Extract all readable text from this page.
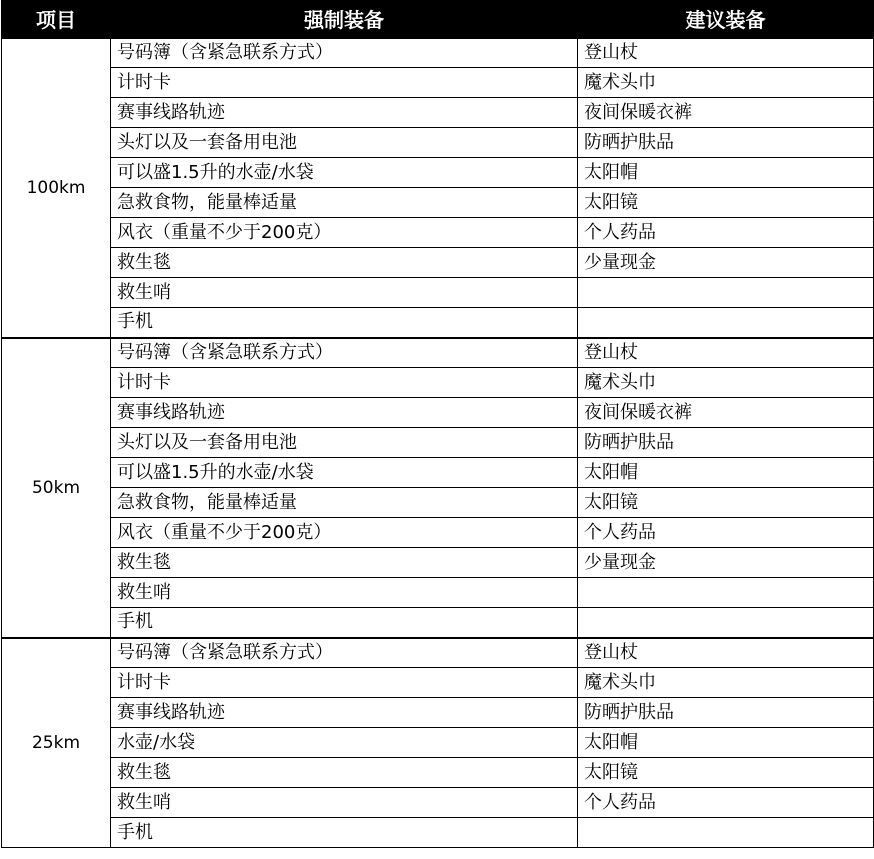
项目	强制装备	建议装备
100km	号码簿（含紧急联系方式）	登山杖
	计时卡	魔术头巾
	赛事线路轨迹	夜间保暖衣裤
	头灯以及一套备用电池	防晒护肤品
	可以盛1.5升的水壶/水袋	太阳帽
	急救食物，能量棒适量	太阳镜
	风衣（重量不少于200克）	个人药品
	救生毯	少量现金
	救生哨	
	手机	
50km	号码簿（含紧急联系方式）	登山杖
	计时卡	魔术头巾
	赛事线路轨迹	夜间保暖衣裤
	头灯以及一套备用电池	防晒护肤品
	可以盛1.5升的水壶/水袋	太阳帽
	急救食物，能量棒适量	太阳镜
	风衣（重量不少于200克）	个人药品
	救生毯	少量现金
	救生哨	
	手机	
25km	号码簿（含紧急联系方式）	登山杖
	计时卡	魔术头巾
	赛事线路轨迹	防晒护肤品
	水壶/水袋	太阳帽
	救生毯	太阳镜
	救生哨	个人药品
	手机	
